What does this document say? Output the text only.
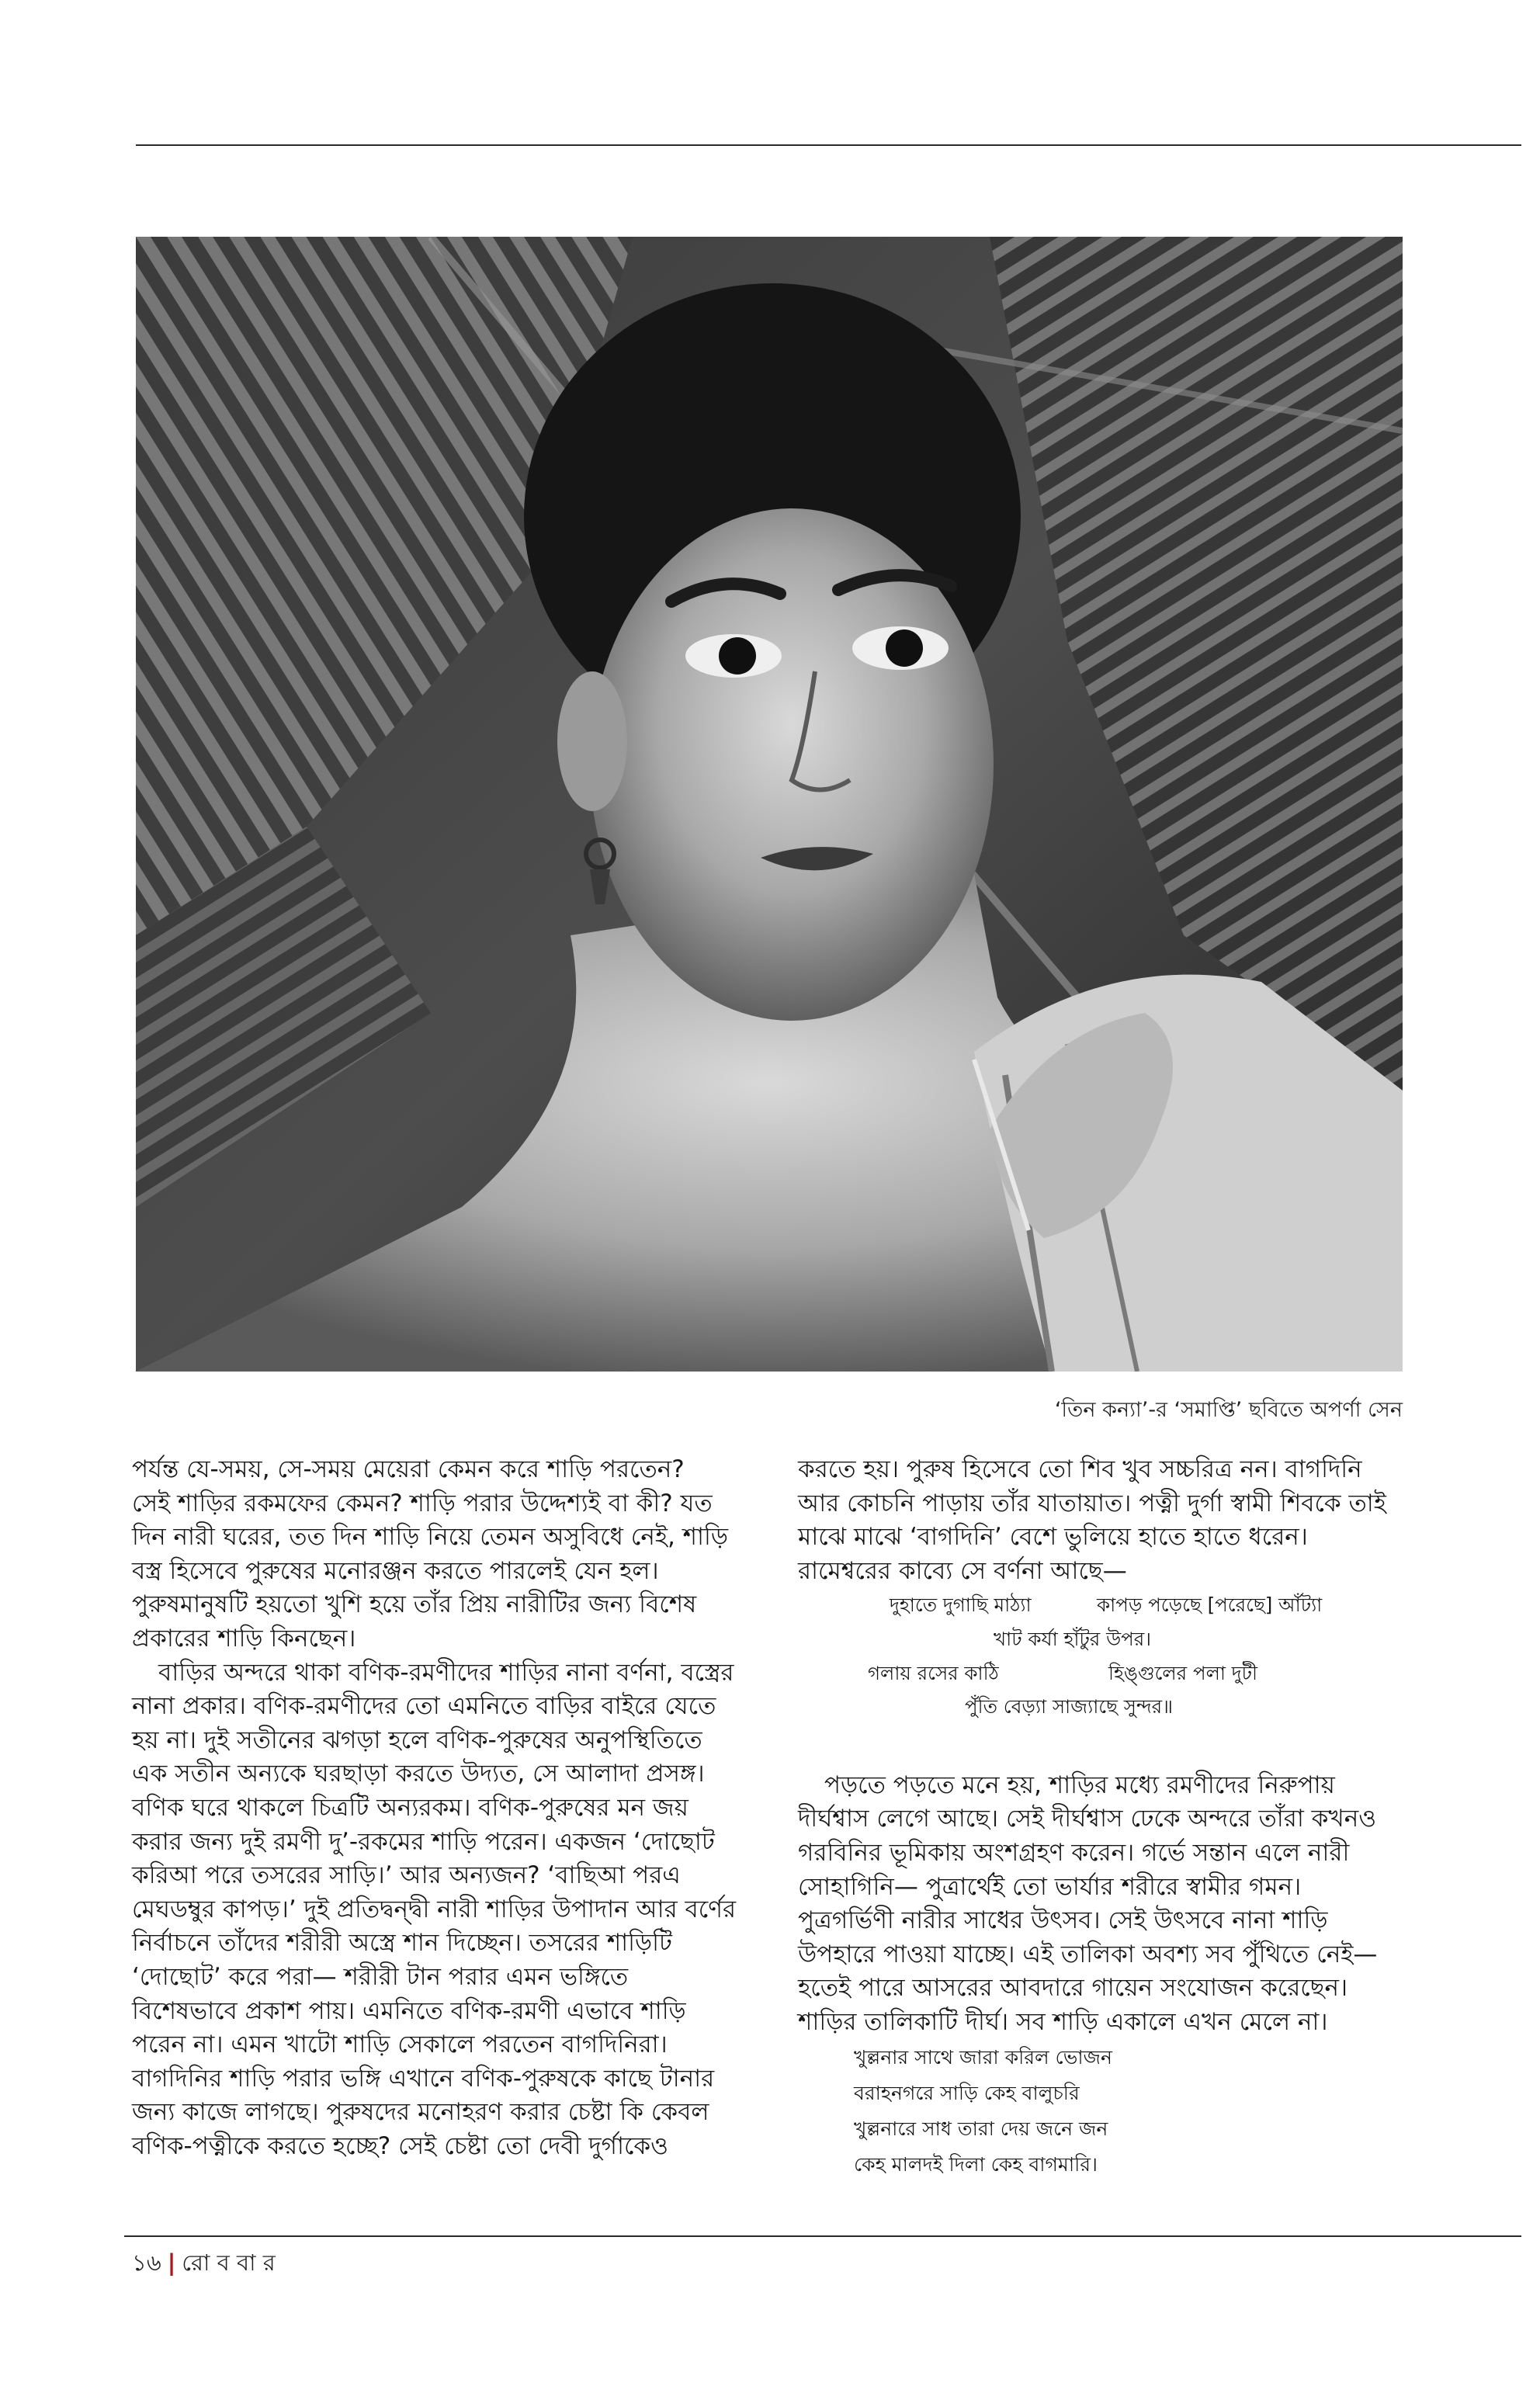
‘তিন কন্যা’-র ‘সমাপ্তি’ ছবিতে অপর্ণা সেন

পর্যন্ত যে-সময়, সে-সময় মেয়েরা কেমন করে শাড়ি পরতেন?

সেই শাড়ির রকমফের কেমন? শাড়ি পরার উদ্দেশ্যই বা কী? যত

দিন নারী ঘরের, তত দিন শাড়ি নিয়ে তেমন অসুবিধে নেই, শাড়ি

বস্ত্র হিসেবে পুরুষের মনোরঞ্জন করতে পারলেই যেন হল।

পুরুষমানুষটি হয়তো খুশি হয়ে তাঁর প্রিয় নারীটির জন্য বিশেষ

প্রকারের শাড়ি কিনছেন।

বাড়ির অন্দরে থাকা বণিক-রমণীদের শাড়ির নানা বর্ণনা, বস্ত্রের

নানা প্রকার। বণিক-রমণীদের তো এমনিতে বাড়ির বাইরে যেতে

হয় না। দুই সতীনের ঝগড়া হলে বণিক-পুরুষের অনুপস্থিতিতে

এক সতীন অন্যকে ঘরছাড়া করতে উদ্যত, সে আলাদা প্রসঙ্গ।

বণিক ঘরে থাকলে চিত্রটি অন্যরকম। বণিক-পুরুষের মন জয়

করার জন্য দুই রমণী দু’-রকমের শাড়ি পরেন। একজন ‘দোছোট

করিআ পরে তসরের সাড়ি।’ আর অন্যজন? ‘বাছিআ পরএ

মেঘডম্বুর কাপড়।’ দুই প্রতিদ্বন্দ্বী নারী শাড়ির উপাদান আর বর্ণের

নির্বাচনে তাঁদের শরীরী অস্ত্রে শান দিচ্ছেন। তসরের শাড়িটি

‘দোছোট’ করে পরা— শরীরী টান পরার এমন ভঙ্গিতে

বিশেষভাবে প্রকাশ পায়। এমনিতে বণিক-রমণী এভাবে শাড়ি

পরেন না। এমন খাটো শাড়ি সেকালে পরতেন বাগদিনিরা।

বাগদিনির শাড়ি পরার ভঙ্গি এখানে বণিক-পুরুষকে কাছে টানার

জন্য কাজে লাগছে। পুরুষদের মনোহরণ করার চেষ্টা কি কেবল

বণিক-পত্নীকে করতে হচ্ছে? সেই চেষ্টা তো দেবী দুর্গাকেও

করতে হয়। পুরুষ হিসেবে তো শিব খুব সচ্চরিত্র নন। বাগদিনি

আর কোচনি পাড়ায় তাঁর যাতায়াত। পত্নী দুর্গা স্বামী শিবকে তাই

মাঝে মাঝে ‘বাগদিনি’ বেশে ভুলিয়ে হাতে হাতে ধরেন।

রামেশ্বরের কাব্যে সে বর্ণনা আছে—

দুহাতে দুগাছি মাঠ্যা	কাপড় পড়েছে [পরেছে] আঁট্যা
খাট কর্যা হাঁটুর উপর।
গলায় রসের কাঠি	হিঙ্গুলের পলা দুটী
পুঁতি বেড়্যা সাজ্যাছে সুন্দর॥

পড়তে পড়তে মনে হয়, শাড়ির মধ্যে রমণীদের নিরুপায়

দীর্ঘশ্বাস লেগে আছে। সেই দীর্ঘশ্বাস ঢেকে অন্দরে তাঁরা কখনও

গরবিনির ভূমিকায় অংশগ্রহণ করেন। গর্ভে সন্তান এলে নারী

সোহাগিনি— পুত্রার্থেই তো ভার্যার শরীরে স্বামীর গমন।

পুত্রগর্ভিণী নারীর সাধের উৎসব। সেই উৎসবে নানা শাড়ি

উপহারে পাওয়া যাচ্ছে। এই তালিকা অবশ্য সব পুঁথিতে নেই—

হতেই পারে আসরের আবদারে গায়েন সংযোজন করেছেন।

শাড়ির তালিকাটি দীর্ঘ। সব শাড়ি একালে এখন মেলে না।

খুল্লনার সাথে জারা করিল ভোজন
বরাহনগরে সাড়ি কেহ বালুচরি
খুল্লনারে সাধ তারা দেয় জনে জন
কেহ মালদই দিলা কেহ বাগমারি।
১৬ | রো ব বা র
